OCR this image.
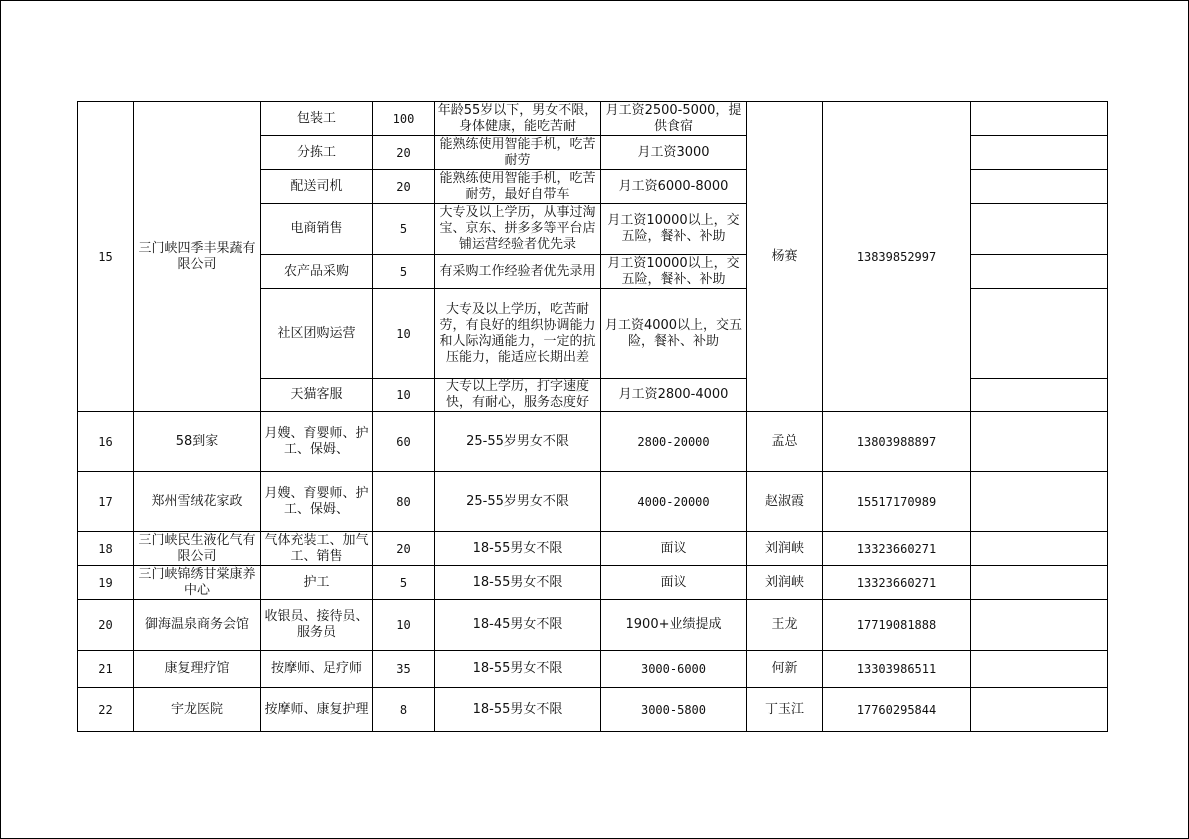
15	三门峡四季丰果蔬有限公司	包装工	100	年龄55岁以下，男女不限，身体健康，能吃苦耐	月工资2500-5000，提供食宿	杨赛	13839852997	
		分拣工	20	能熟练使用智能手机，吃苦耐劳	月工资3000			
		配送司机	20	能熟练使用智能手机，吃苦耐劳，最好自带车	月工资6000-8000			
		电商销售	5	大专及以上学历，从事过淘宝、京东、拼多多等平台店铺运营经验者优先录	月工资10000以上，交五险，餐补、补助			
		农产品采购	5	有采购工作经验者优先录用	月工资10000以上，交五险，餐补、补助			
		社区团购运营	10	大专及以上学历，吃苦耐劳，有良好的组织协调能力和人际沟通能力，一定的抗压能力，能适应长期出差	月工资4000以上，交五险，餐补、补助			
		天猫客服	10	大专以上学历，打字速度快，有耐心，服务态度好	月工资2800-4000			
16	58到家	月嫂、育婴师、护工、保姆、	60	25-55岁男女不限	2800-20000	孟总	13803988897	
17	郑州雪绒花家政	月嫂、育婴师、护工、保姆、	80	25-55岁男女不限	4000-20000	赵淑霞	15517170989	
18	三门峡民生液化气有限公司	气体充装工、加气工、销售	20	18-55男女不限	面议	刘润峡	13323660271	
19	三门峡锦绣甘棠康养中心	护工	5	18-55男女不限	面议	刘润峡	13323660271	
20	御海温泉商务会馆	收银员、接待员、服务员	10	18-45男女不限	1900+业绩提成	王龙	17719081888	
21	康复理疗馆	按摩师、足疗师	35	18-55男女不限	3000-6000	何新	13303986511	
22	宇龙医院	按摩师、康复护理	8	18-55男女不限	3000-5800	丁玉江	17760295844	
